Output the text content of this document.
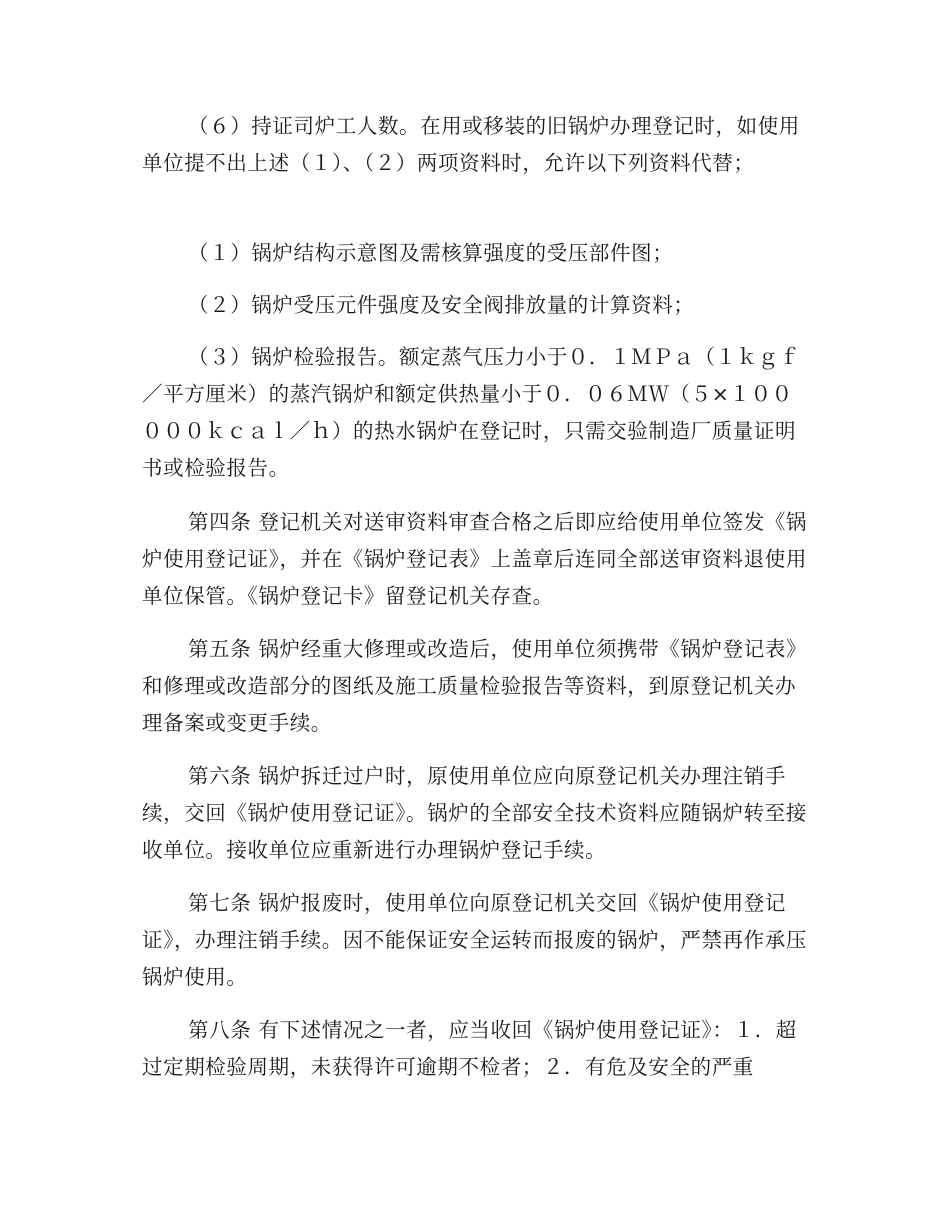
（６）持证司炉工人数。在用或移装的旧锅炉办理登记时，如使用单位提不出上述（１）、（２）两项资料时，允许以下列资料代替；

（１）锅炉结构示意图及需核算强度的受压部件图；

（２）锅炉受压元件强度及安全阀排放量的计算资料；

（３）锅炉检验报告。额定蒸气压力小于０．１ＭＰａ（１ｋｇｆ／平方厘米）的蒸汽锅炉和额定供热量小于０．０６ＭＷ（５×１０００００ｋｃａｌ／ｈ）的热水锅炉在登记时，只需交验制造厂质量证明书或检验报告。

第四条 登记机关对送审资料审查合格之后即应给使用单位签发《锅炉使用登记证》，并在《锅炉登记表》上盖章后连同全部送审资料退使用单位保管。《锅炉登记卡》留登记机关存查。

第五条 锅炉经重大修理或改造后，使用单位须携带《锅炉登记表》和修理或改造部分的图纸及施工质量检验报告等资料，到原登记机关办理备案或变更手续。

第六条 锅炉拆迁过户时，原使用单位应向原登记机关办理注销手续，交回《锅炉使用登记证》。锅炉的全部安全技术资料应随锅炉转至接收单位。接收单位应重新进行办理锅炉登记手续。

第七条 锅炉报废时，使用单位向原登记机关交回《锅炉使用登记证》，办理注销手续。因不能保证安全运转而报废的锅炉，严禁再作承压锅炉使用。

第八条 有下述情况之一者，应当收回《锅炉使用登记证》：１．超过定期检验周期，未获得许可逾期不检者；２．有危及安全的严重
